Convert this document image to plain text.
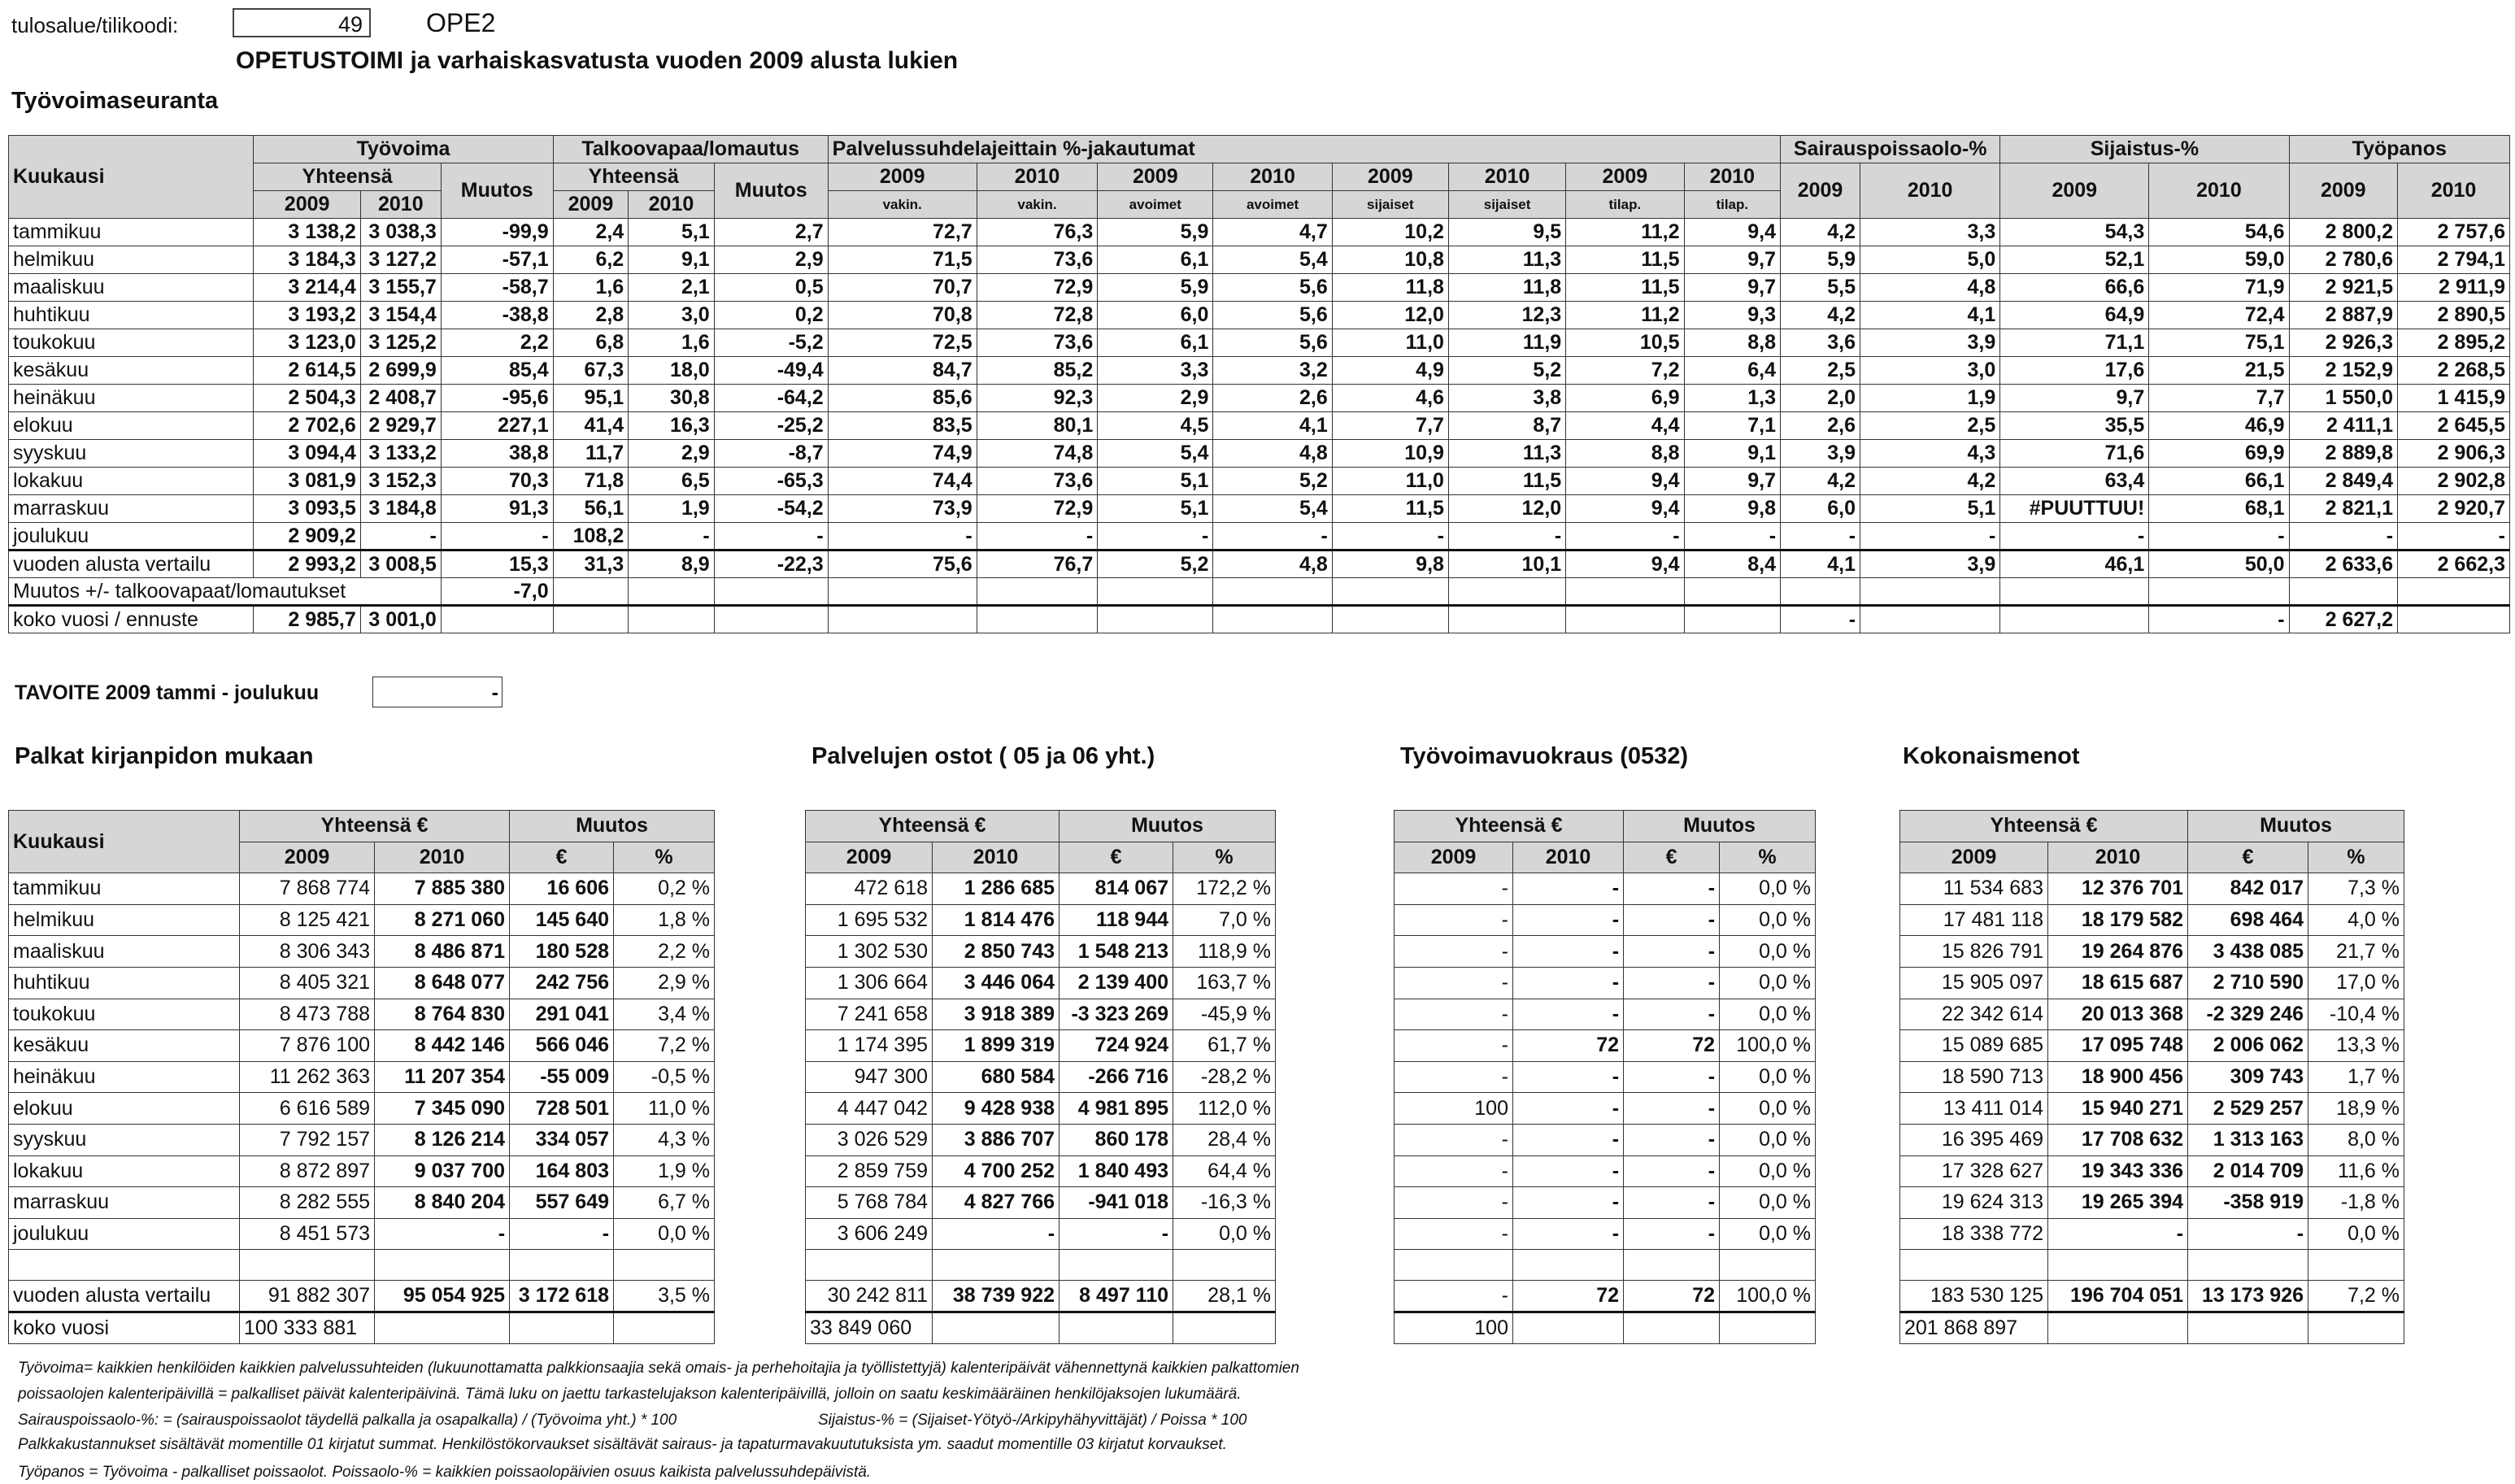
tulosalue/tilikoodi:	49	OPE2
OPETUSTOIMI ja varhaiskasvatusta vuoden 2009 alusta lukien
Työvoimaseuranta
Kuukausi	Työvoima			Talkoovapaa/lomautus			Palvelussuhdelajeittain %-jakautumat								Sairauspoissaolo-%		Sijaistus-%		Työpanos	
	Yhteensä		Muutos	Yhteensä		Muutos	2009	2010	2009	2010	2009	2010	2009	2010	2009	2010	2009	2010	2009	2010
	2009	2010		2009	2010		vakin.	vakin.	avoimet	avoimet	sijaiset	sijaiset	tilap.	tilap.						
tammikuu	3 138,2	3 038,3	-99,9	2,4	5,1	2,7	72,7	76,3	5,9	4,7	10,2	9,5	11,2	9,4	4,2	3,3	54,3	54,6	2 800,2	2 757,6
helmikuu	3 184,3	3 127,2	-57,1	6,2	9,1	2,9	71,5	73,6	6,1	5,4	10,8	11,3	11,5	9,7	5,9	5,0	52,1	59,0	2 780,6	2 794,1
maaliskuu	3 214,4	3 155,7	-58,7	1,6	2,1	0,5	70,7	72,9	5,9	5,6	11,8	11,8	11,5	9,7	5,5	4,8	66,6	71,9	2 921,5	2 911,9
huhtikuu	3 193,2	3 154,4	-38,8	2,8	3,0	0,2	70,8	72,8	6,0	5,6	12,0	12,3	11,2	9,3	4,2	4,1	64,9	72,4	2 887,9	2 890,5
toukokuu	3 123,0	3 125,2	2,2	6,8	1,6	-5,2	72,5	73,6	6,1	5,6	11,0	11,9	10,5	8,8	3,6	3,9	71,1	75,1	2 926,3	2 895,2
kesäkuu	2 614,5	2 699,9	85,4	67,3	18,0	-49,4	84,7	85,2	3,3	3,2	4,9	5,2	7,2	6,4	2,5	3,0	17,6	21,5	2 152,9	2 268,5
heinäkuu	2 504,3	2 408,7	-95,6	95,1	30,8	-64,2	85,6	92,3	2,9	2,6	4,6	3,8	6,9	1,3	2,0	1,9	9,7	7,7	1 550,0	1 415,9
elokuu	2 702,6	2 929,7	227,1	41,4	16,3	-25,2	83,5	80,1	4,5	4,1	7,7	8,7	4,4	7,1	2,6	2,5	35,5	46,9	2 411,1	2 645,5
syyskuu	3 094,4	3 133,2	38,8	11,7	2,9	-8,7	74,9	74,8	5,4	4,8	10,9	11,3	8,8	9,1	3,9	4,3	71,6	69,9	2 889,8	2 906,3
lokakuu	3 081,9	3 152,3	70,3	71,8	6,5	-65,3	74,4	73,6	5,1	5,2	11,0	11,5	9,4	9,7	4,2	4,2	63,4	66,1	2 849,4	2 902,8
marraskuu	3 093,5	3 184,8	91,3	56,1	1,9	-54,2	73,9	72,9	5,1	5,4	11,5	12,0	9,4	9,8	6,0	5,1	#PUUTTUU!	68,1	2 821,1	2 920,7
joulukuu	2 909,2	-	-	108,2	-	-	-	-	-	-	-	-	-	-	-	-	-	-	-	-
vuoden alusta vertailu	2 993,2	3 008,5	15,3	31,3	8,9	-22,3	75,6	76,7	5,2	4,8	9,8	10,1	9,4	8,4	4,1	3,9	46,1	50,0	2 633,6	2 662,3
Muutos +/- talkoovapaat/lomautukset			-7,0																	
koko vuosi / ennuste	2 985,7	3 001,0													-			-	2 627,2	
TAVOITE 2009 tammi - joulukuu	-
Palkat kirjanpidon mukaan	Palvelujen ostot ( 05 ja 06 yht.)	Työvoimavuokraus (0532)	Kokonaismenot
Kuukausi	Yhteensä €		Muutos	
	2009	2010	€	%
tammikuu	7 868 774	7 885 380	16 606	0,2 %
helmikuu	8 125 421	8 271 060	145 640	1,8 %
maaliskuu	8 306 343	8 486 871	180 528	2,2 %
huhtikuu	8 405 321	8 648 077	242 756	2,9 %
toukokuu	8 473 788	8 764 830	291 041	3,4 %
kesäkuu	7 876 100	8 442 146	566 046	7,2 %
heinäkuu	11 262 363	11 207 354	-55 009	-0,5 %
elokuu	6 616 589	7 345 090	728 501	11,0 %
syyskuu	7 792 157	8 126 214	334 057	4,3 %
lokakuu	8 872 897	9 037 700	164 803	1,9 %
marraskuu	8 282 555	8 840 204	557 649	6,7 %
joulukuu	8 451 573	-	-	0,0 %

vuoden alusta vertailu	91 882 307	95 054 925	3 172 618	3,5 %
koko vuosi	100 333 881			
Yhteensä €		Muutos	
2009	2010	€	%
472 618	1 286 685	814 067	172,2 %
1 695 532	1 814 476	118 944	7,0 %
1 302 530	2 850 743	1 548 213	118,9 %
1 306 664	3 446 064	2 139 400	163,7 %
7 241 658	3 918 389	-3 323 269	-45,9 %
1 174 395	1 899 319	724 924	61,7 %
947 300	680 584	-266 716	-28,2 %
4 447 042	9 428 938	4 981 895	112,0 %
3 026 529	3 886 707	860 178	28,4 %
2 859 759	4 700 252	1 840 493	64,4 %
5 768 784	4 827 766	-941 018	-16,3 %
3 606 249	-	-	0,0 %

30 242 811	38 739 922	8 497 110	28,1 %
33 849 060			
Yhteensä €		Muutos	
2009	2010	€	%
-	-	-	0,0 %
-	-	-	0,0 %
-	-	-	0,0 %
-	-	-	0,0 %
-	-	-	0,0 %
-	72	72	100,0 %
-	-	-	0,0 %
100	-	-	0,0 %
-	-	-	0,0 %
-	-	-	0,0 %
-	-	-	0,0 %
-	-	-	0,0 %

-	72	72	100,0 %
100			
Yhteensä €		Muutos	
2009	2010	€	%
11 534 683	12 376 701	842 017	7,3 %
17 481 118	18 179 582	698 464	4,0 %
15 826 791	19 264 876	3 438 085	21,7 %
15 905 097	18 615 687	2 710 590	17,0 %
22 342 614	20 013 368	-2 329 246	-10,4 %
15 089 685	17 095 748	2 006 062	13,3 %
18 590 713	18 900 456	309 743	1,7 %
13 411 014	15 940 271	2 529 257	18,9 %
16 395 469	17 708 632	1 313 163	8,0 %
17 328 627	19 343 336	2 014 709	11,6 %
19 624 313	19 265 394	-358 919	-1,8 %
18 338 772	-	-	0,0 %

183 530 125	196 704 051	13 173 926	7,2 %
201 868 897			
Työvoima= kaikkien henkilöiden kaikkien palvelussuhteiden (lukuunottamatta palkkionsaajia sekä omais- ja perhehoitajia ja työllistettyjä) kalenteripäivät vähennettynä kaikkien palkattomien
poissaolojen kalenteripäivillä = palkalliset päivät kalenteripäivinä. Tämä luku on jaettu tarkastelujakson kalenteripäivillä, jolloin on saatu keskimääräinen henkilöjaksojen lukumäärä.
Sairauspoissaolo-%: = (sairauspoissaolot täydellä palkalla ja osapalkalla) / (Työvoima yht.) * 100	Sijaistus-% = (Sijaiset-Yötyö-/Arkipyhähyvittäjät) / Poissa * 100
Palkkakustannukset sisältävät momentille 01 kirjatut summat. Henkilöstökorvaukset sisältävät sairaus- ja tapaturmavakuututuksista ym. saadut momentille 03 kirjatut korvaukset.
Työpanos = Työvoima - palkalliset poissaolot. Poissaolo-% = kaikkien poissaolopäivien osuus kaikista palvelussuhdepäivistä.
